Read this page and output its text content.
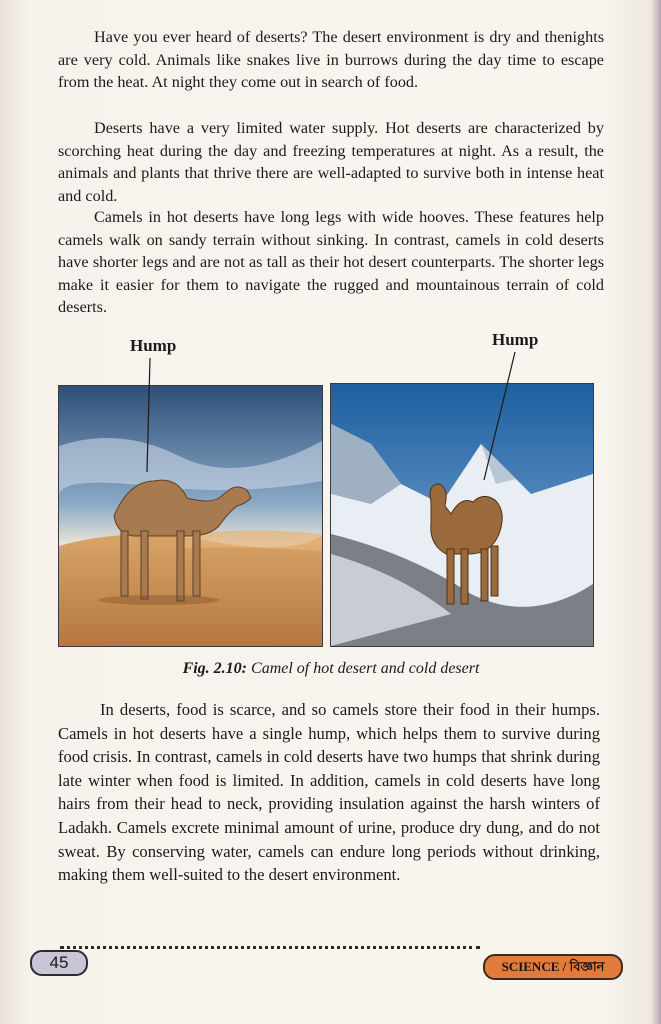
Have you ever heard of deserts? The desert environment is dry and thenights are very cold. Animals like snakes live in burrows during the day time to escape from the heat. At night they come out in search of food.

Deserts have a very limited water supply. Hot deserts are characterized by scorching heat during the day and freezing temperatures at night. As a result, the animals and plants that thrive there are well-adapted to survive both in intense heat and cold.

Camels in hot deserts have long legs with wide hooves. These features help camels walk on sandy terrain without sinking. In contrast, camels in cold deserts have shorter legs and are not as tall as their hot desert counterparts. The shorter legs make it easier for them to navigate the rugged and mountainous terrain of cold deserts.

Hump	Hump
Fig. 2.10: Camel of hot desert and cold desert

In deserts, food is scarce, and so camels store their food in their humps. Camels in hot deserts have a single hump, which helps them to survive during food crisis. In contrast, camels in cold deserts have two humps that shrink during late winter when food is limited. In addition, camels in cold deserts have long hairs from their head to neck, providing insulation against the harsh winters of Ladakh. Camels excrete minimal amount of urine, produce dry dung, and do not sweat. By conserving water, camels can endure long periods without drinking, making them well-suited to the desert environment.

45	SCIENCE / বিজ্ঞান
